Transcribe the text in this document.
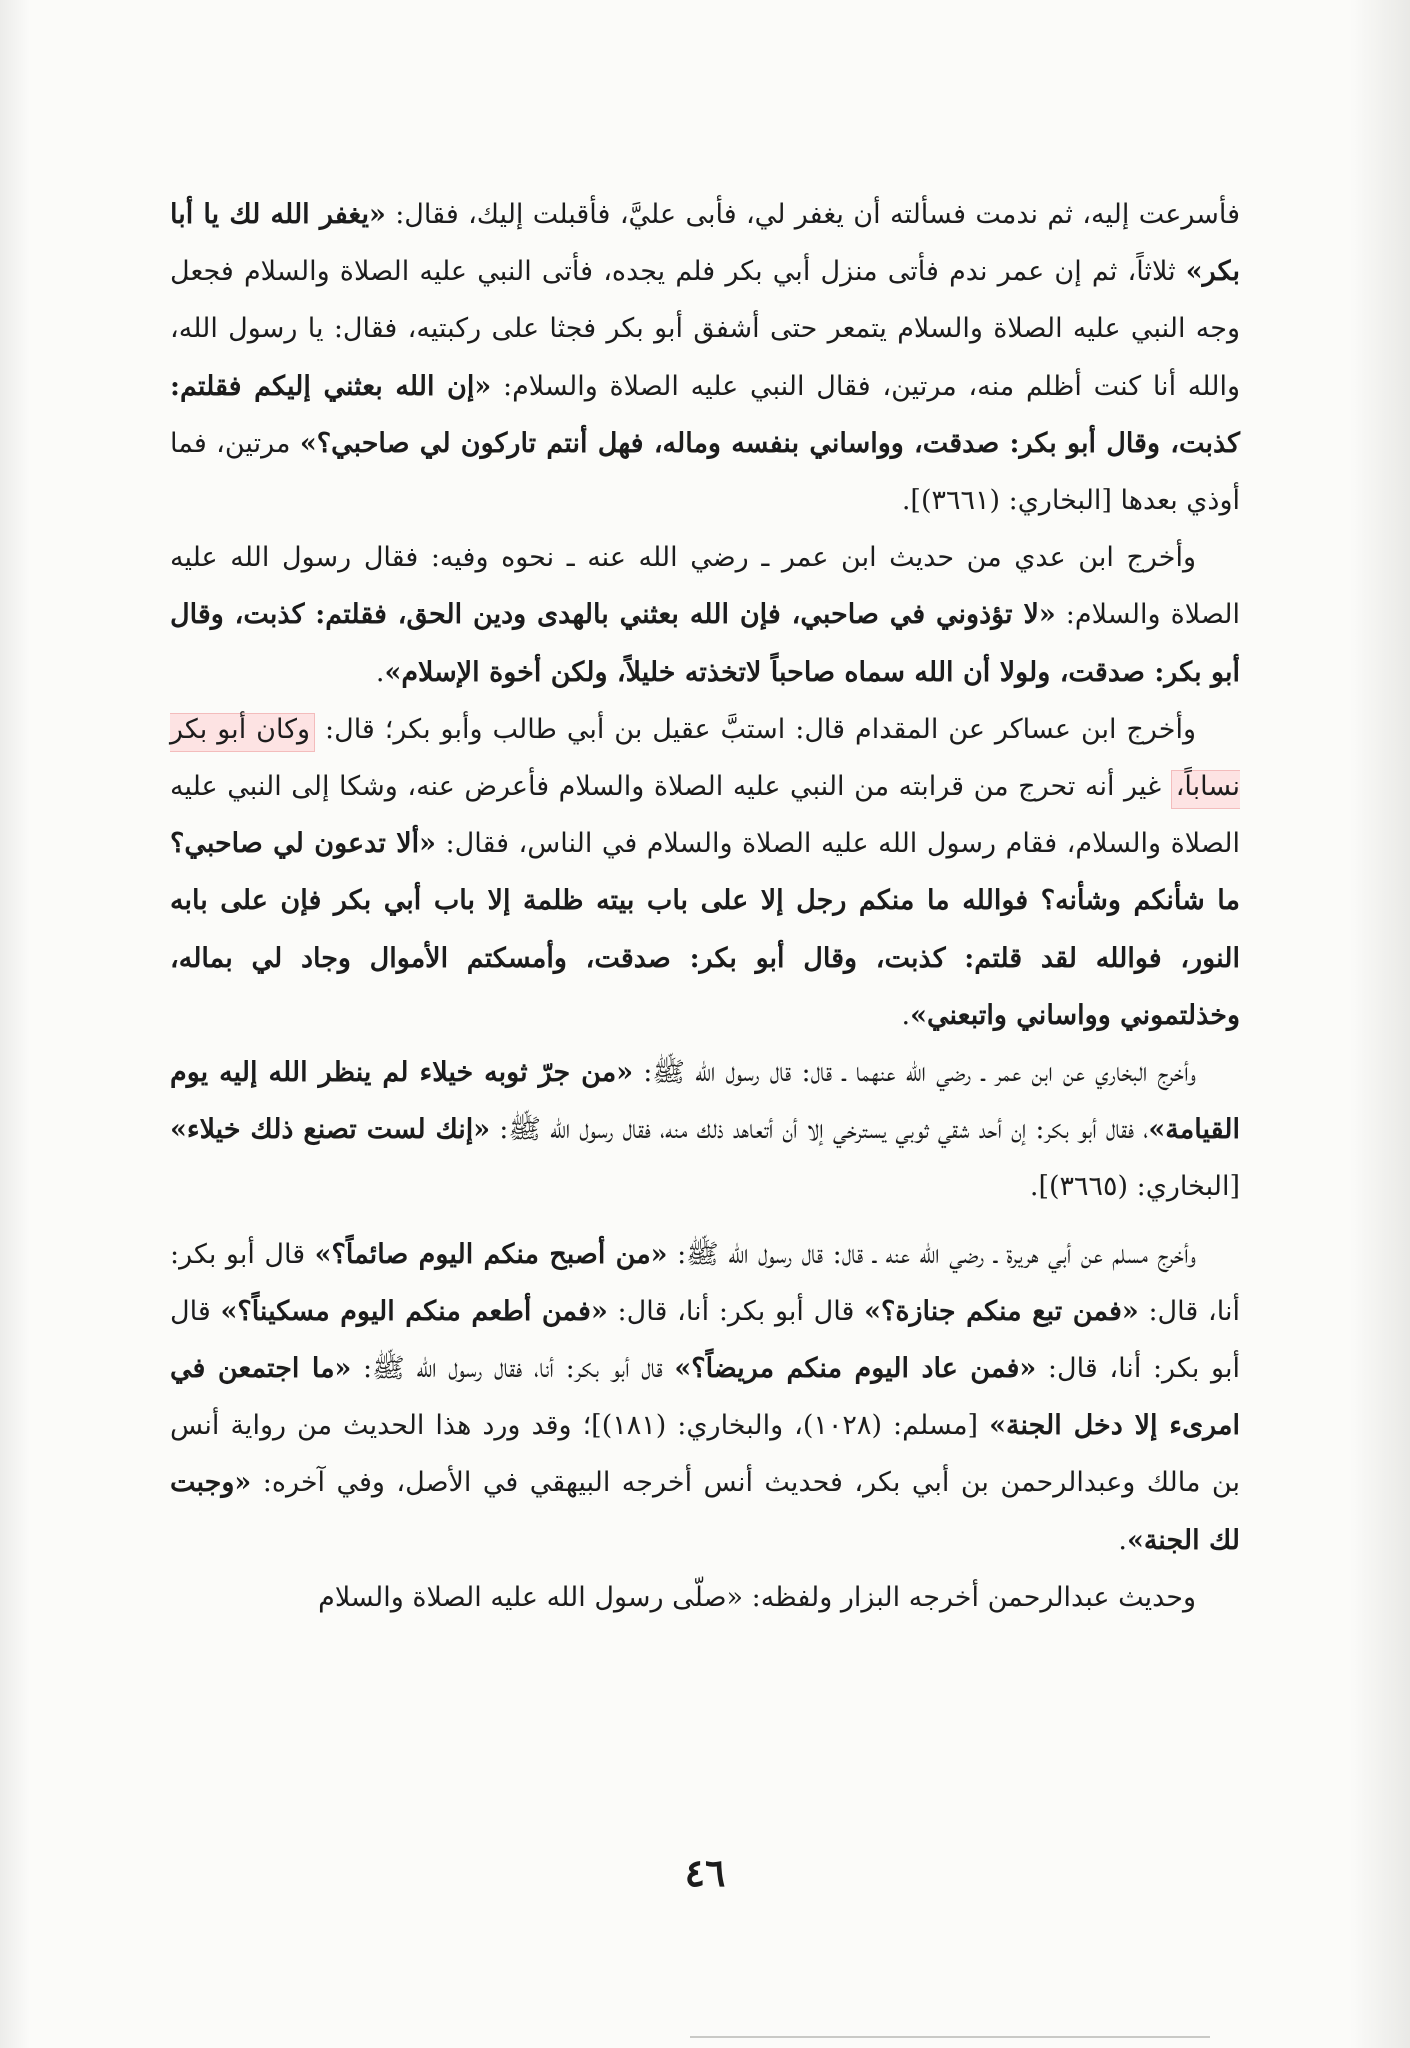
فأسرعت إليه، ثم ندمت فسألته أن يغفر لي، فأبى عليَّ، فأقبلت إليك، فقال: «يغفر الله لك يا أبا بكر» ثلاثاً، ثم إن عمر ندم فأتى منزل أبي بكر فلم يجده، فأتى النبي عليه الصلاة والسلام فجعل وجه النبي عليه الصلاة والسلام يتمعر حتى أشفق أبو بكر فجثا على ركبتيه، فقال: يا رسول الله، والله أنا كنت أظلم منه، مرتين، فقال النبي عليه الصلاة والسلام: «إن الله بعثني إليكم فقلتم: كذبت، وقال أبو بكر: صدقت، وواساني بنفسه وماله، فهل أنتم تاركون لي صاحبي؟» مرتين، فما أوذي بعدها [البخاري: (٣٦٦١)].

وأخرج ابن عدي من حديث ابن عمر ـ رضي الله عنه ـ نحوه وفيه: فقال رسول الله عليه الصلاة والسلام: «لا تؤذوني في صاحبي، فإن الله بعثني بالهدى ودين الحق، فقلتم: كذبت، وقال أبو بكر: صدقت، ولولا أن الله سماه صاحباً لاتخذته خليلاً، ولكن أخوة الإسلام».

وأخرج ابن عساكر عن المقدام قال: استبَّ عقيل بن أبي طالب وأبو بكر؛ قال: وكان أبو بكر نساباً، غير أنه تحرج من قرابته من النبي عليه الصلاة والسلام فأعرض عنه، وشكا إلى النبي عليه الصلاة والسلام، فقام رسول الله عليه الصلاة والسلام في الناس، فقال: «ألا تدعون لي صاحبي؟ ما شأنكم وشأنه؟ فوالله ما منكم رجل إلا على باب بيته ظلمة إلا باب أبي بكر فإن على بابه النور، فوالله لقد قلتم: كذبت، وقال أبو بكر: صدقت، وأمسكتم الأموال وجاد لي بماله، وخذلتموني وواساني واتبعني».

وأخرج البخاري عن ابن عمر ـ رضي الله عنهما ـ قال: قال رسول الله ﷺ: «من جرّ ثوبه خيلاء لم ينظر الله إليه يوم القيامة»، فقال أبو بكر: إن أحد شقي ثوبي يسترخي إلا أن أتعاهد ذلك منه، فقال رسول الله ﷺ: «إنك لست تصنع ذلك خيلاء» [البخاري: (٣٦٦٥)].

وأخرج مسلم عن أبي هريرة ـ رضي الله عنه ـ قال: قال رسول الله ﷺ: «من أصبح منكم اليوم صائماً؟» قال أبو بكر: أنا، قال: «فمن تبع منكم جنازة؟» قال أبو بكر: أنا، قال: «فمن أطعم منكم اليوم مسكيناً؟» قال أبو بكر: أنا، قال: «فمن عاد اليوم منكم مريضاً؟» قال أبو بكر: أنا، فقال رسول الله ﷺ: «ما اجتمعن في امرىء إلا دخل الجنة» [مسلم: (١٠٢٨)، والبخاري: (١٨١)]؛ وقد ورد هذا الحديث من رواية أنس بن مالك وعبدالرحمن بن أبي بكر، فحديث أنس أخرجه البيهقي في الأصل، وفي آخره: «وجبت لك الجنة».

وحديث عبدالرحمن أخرجه البزار ولفظه: «صلّى رسول الله عليه الصلاة والسلام

٤٦
